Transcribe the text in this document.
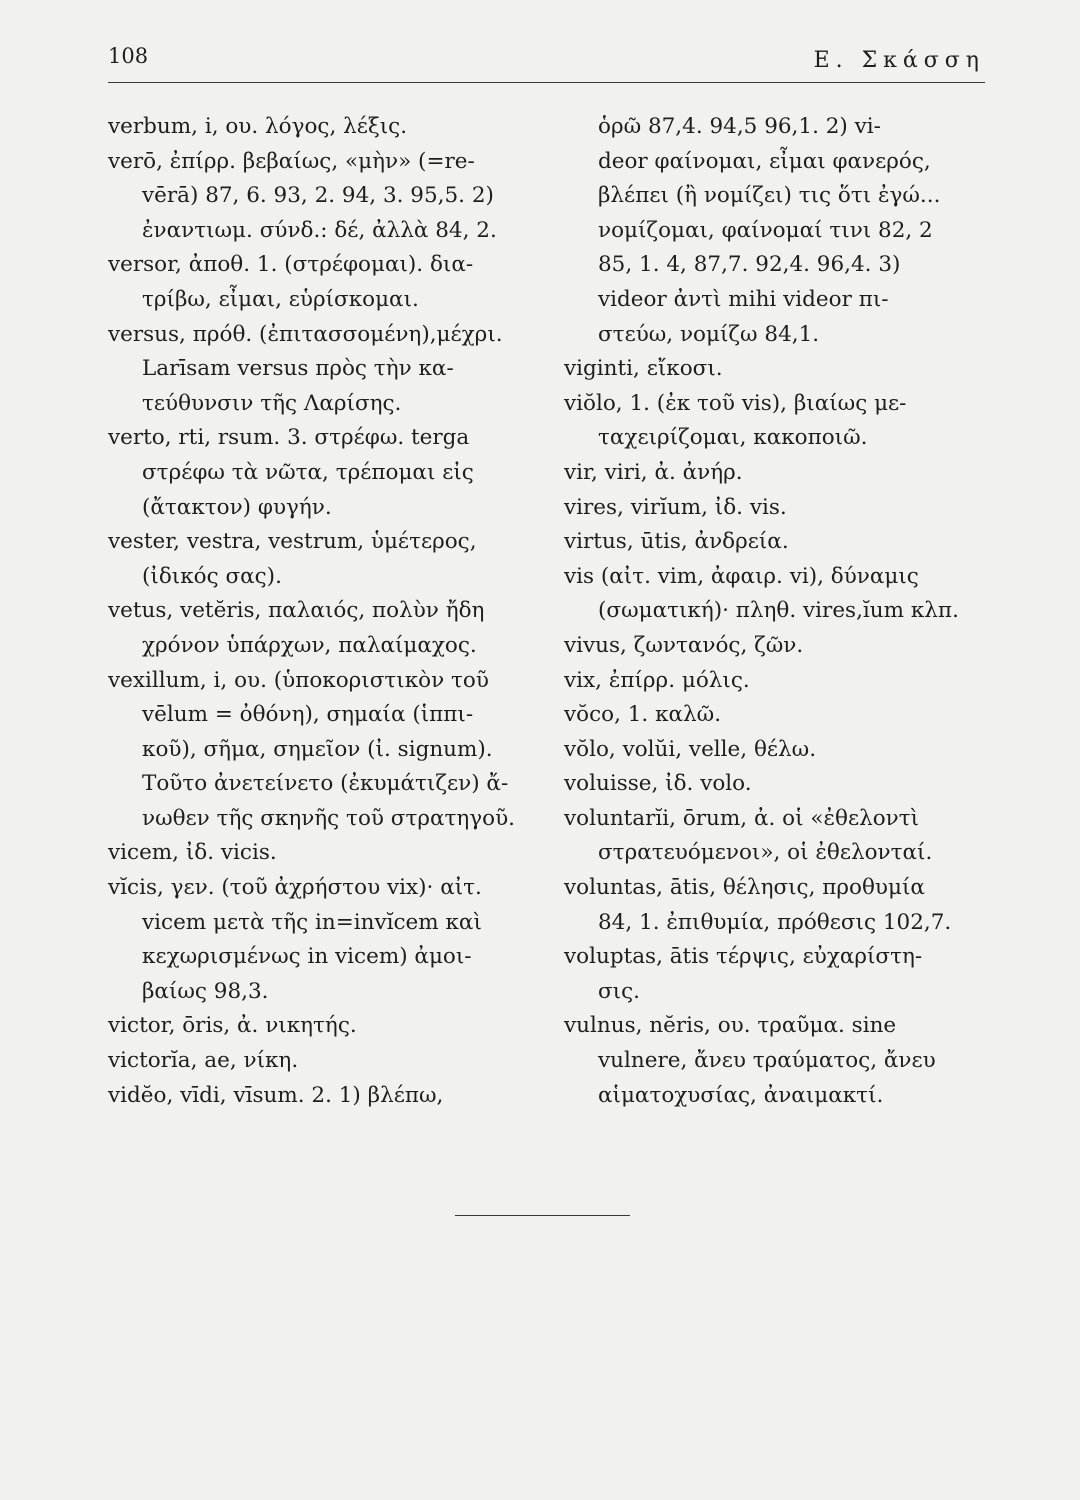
108	Ε. Σκάσση
verbum, i, ου. λόγος, λέξις.
verō, ἐπίρρ. βεβαίως, «μὴν» (=re-
vērā) 87, 6. 93, 2. 94, 3. 95,5. 2)
ἐναντιωμ. σύνδ.: δέ, ἀλλὰ 84, 2.
versor, ἀποθ. 1. (στρέφομαι). δια-
τρίβω, εἶμαι, εὑρίσκομαι.
versus, πρόθ. (ἐπιτασσομένη),μέχρι.
Larīsam versus πρὸς τὴν κα-
τεύθυνσιν τῆς Λαρίσης.
verto, rti, rsum. 3. στρέφω. terga
στρέφω τὰ νῶτα, τρέπομαι εἰς
(ἄτακτον) φυγήν.
vester, vestra, vestrum, ὑμέτερος,
(ἰδικός σας).
vetus, vetĕris, παλαιός, πολὺν ἤδη
χρόνον ὑπάρχων, παλαίμαχος.
vexillum, i, ου. (ὑποκοριστικὸν τοῦ
vēlum = ὀθόνη), σημαία (ἱππι-
κοῦ), σῆμα, σημεῖον (ἰ. signum).
Τοῦτο ἀνετείνετο (ἐκυμάτιζεν) ἄ-
νωθεν τῆς σκηνῆς τοῦ στρατηγοῦ.
vicem, ἰδ. vicis.
vĭcis, γεν. (τοῦ ἀχρήστου vix)· αἰτ.
vicem μετὰ τῆς in=invĭcem καὶ
κεχωρισμένως in vicem) ἀμοι-
βαίως 98,3.
victor, ōris, ἀ. νικητής.
victorĭa, ae, νίκη.
vidĕo, vīdi, vīsum. 2. 1) βλέπω,
ὁρῶ 87,4. 94,5 96,1. 2) vi-
deor φαίνομαι, εἶμαι φανερός,
βλέπει (ἢ νομίζει) τις ὅτι ἐγώ...
νομίζομαι, φαίνομαί τινι 82, 2
85, 1. 4, 87,7. 92,4. 96,4. 3)
videor ἀντὶ mihi videor πι-
στεύω, νομίζω 84,1.
viginti, εἴκοσι.
viŏlo, 1. (ἐκ τοῦ vis), βιαίως με-
ταχειρίζομαι, κακοποιῶ.
vir, viri, ἀ. ἀνήρ.
vires, virĭum, ἰδ. vis.
virtus, ūtis, ἀνδρεία.
vis (αἰτ. vim, ἀφαιρ. vi), δύναμις
(σωματική)· πληθ. vires,ĭum κλπ.
vivus, ζωντανός, ζῶν.
vix, ἐπίρρ. μόλις.
vŏco, 1. καλῶ.
vŏlo, volŭi, velle, θέλω.
voluisse, ἰδ. volo.
voluntarĭi, ōrum, ἀ. οἱ «ἐθελοντὶ
στρατευόμενοι», οἱ ἐθελονταί.
voluntas, ātis, θέλησις, προθυμία
84, 1. ἐπιθυμία, πρόθεσις 102,7.
voluptas, ātis τέρψις, εὐχαρίστη-
σις.
vulnus, nĕris, ου. τραῦμα. sine
vulnere, ἄνευ τραύματος, ἄνευ
αἱματοχυσίας, ἀναιμακτί.
